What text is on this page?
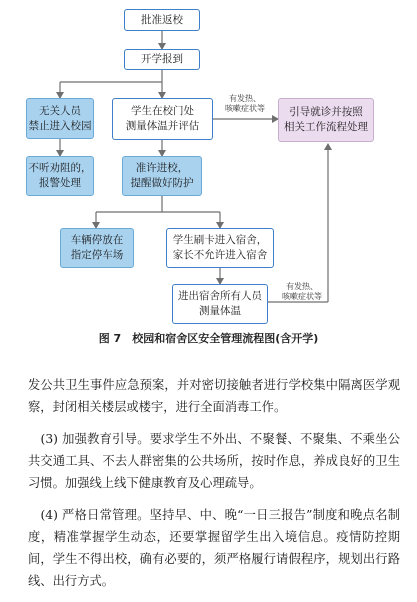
批准返校
开学报到
无关人员
禁止进入校园
学生在校门处
测量体温并评估
引导就诊并按照
相关工作流程处理
不听劝阻的，
报警处理
准许进校，
提醒做好防护
车辆停放在
指定停车场
学生刷卡进入宿舍，
家长不允许进入宿舍
进出宿舍所有人员
测量体温
有发热、
咳嗽症状等
有发热、
咳嗽症状等
图 7　校园和宿舍区安全管理流程图(含开学)
发公共卫生事件应急预案，并对密切接触者进行学校集中隔离医学观察，封闭相关楼层或楼宇，进行全面消毒工作。
　(3) 加强教育引导。要求学生不外出、不聚餐、不聚集、不乘坐公共交通工具、不去人群密集的公共场所，按时作息，养成良好的卫生习惯。加强线上线下健康教育及心理疏导。
　(4) 严格日常管理。坚持早、中、晚“一日三报告”制度和晚点名制度，精准掌握学生动态，还要掌握留学生出入境信息。疫情防控期间，学生不得出校，确有必要的，须严格履行请假程序，规划出行路线、出行方式。
